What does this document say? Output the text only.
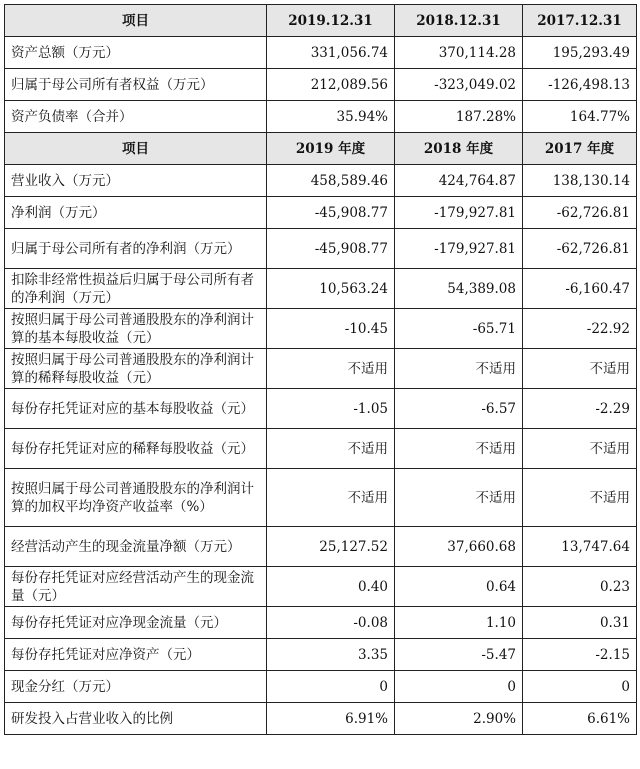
项目	2019.12.31	2018.12.31	2017.12.31
资产总额（万元）	331,056.74	370,114.28	195,293.49
归属于母公司所有者权益（万元）	212,089.56	-323,049.02	-126,498.13
资产负债率（合并）	35.94%	187.28%	164.77%
项目	2019 年度	2018 年度	2017 年度
营业收入（万元）	458,589.46	424,764.87	138,130.14
净利润（万元）	-45,908.77	-179,927.81	-62,726.81
归属于母公司所有者的净利润（万元）	-45,908.77	-179,927.81	-62,726.81
扣除非经常性损益后归属于母公司所有者的净利润（万元）	10,563.24	54,389.08	-6,160.47
按照归属于母公司普通股股东的净利润计算的基本每股收益（元）	-10.45	-65.71	-22.92
按照归属于母公司普通股股东的净利润计算的稀释每股收益（元）	不适用	不适用	不适用
每份存托凭证对应的基本每股收益（元）	-1.05	-6.57	-2.29
每份存托凭证对应的稀释每股收益（元）	不适用	不适用	不适用
按照归属于母公司普通股股东的净利润计算的加权平均净资产收益率（%）	不适用	不适用	不适用
经营活动产生的现金流量净额（万元）	25,127.52	37,660.68	13,747.64
每份存托凭证对应经营活动产生的现金流量（元）	0.40	0.64	0.23
每份存托凭证对应净现金流量（元）	-0.08	1.10	0.31
每份存托凭证对应净资产（元）	3.35	-5.47	-2.15
现金分红（万元）	0	0	0
研发投入占营业收入的比例	6.91%	2.90%	6.61%
